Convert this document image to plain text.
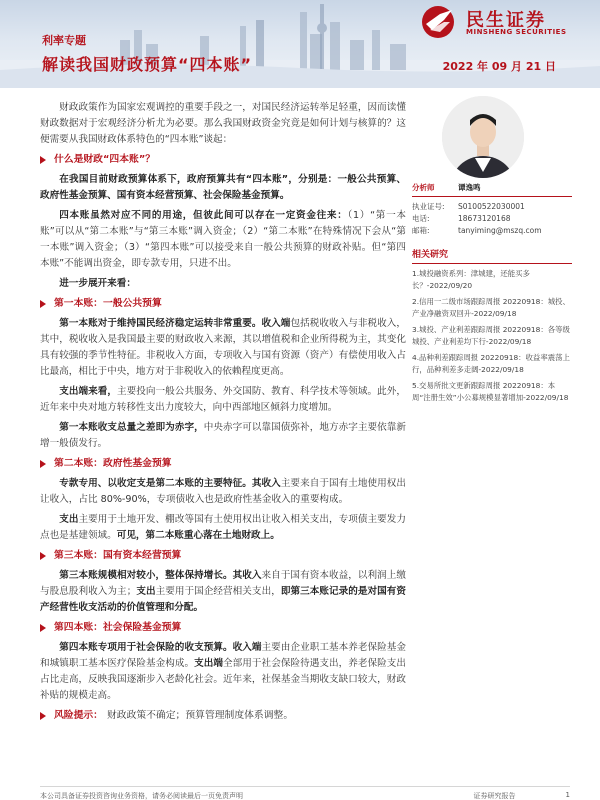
利率专题
解读我国财政预算“四本账”	2022 年 09 月 21 日
民生证券
MINSHENG SECURITIES

财政政策作为国家宏观调控的重要手段之一，对国民经济运转举足轻重，因而读懂财政数据对于宏观经济分析尤为必要。那么我国财政资金究竟是如何计划与核算的？这便需要从我国财政体系特色的“四本账”谈起：

什么是财政“四本账”？

在我国目前财政预算体系下，政府预算共有“四本账”，分别是：一般公共预算、政府性基金预算、国有资本经营预算、社会保险基金预算。

四本账虽然对应不同的用途，但彼此间可以存在一定资金往来：（1）“第一本账”可以从“第二本账”与“第三本账”调入资金；（2）“第二本账”在特殊情况下会从“第一本账”调入资金；（3）“第四本账”可以接受来自一般公共预算的财政补贴。但“第四本账”不能调出资金，即专款专用，只进不出。

进一步展开来看：

第一本账：一般公共预算

第一本账对于维持国民经济稳定运转非常重要。收入端包括税收收入与非税收入，其中，税收收入是我国最主要的财政收入来源，其以增值税和企业所得税为主，其变化具有较强的季节性特征。非税收入方面，专项收入与国有资源（资产）有偿使用收入占比最高，相比于中央，地方对于非税收入的依赖程度更高。

支出端来看，主要投向一般公共服务、外交国防、教育、科学技术等领域。此外，近年来中央对地方转移性支出力度较大，向中西部地区倾斜力度增加。

第一本账收支总量之差即为赤字，中央赤字可以靠国债弥补，地方赤字主要依靠新增一般债发行。

第二本账：政府性基金预算

专款专用、以收定支是第二本账的主要特征。其收入主要来自于国有土地使用权出让收入，占比 80%-90%，专项债收入也是政府性基金收入的重要构成。

支出主要用于土地开发、棚改等国有土使用权出让收入相关支出，专项债主要发力点也是基建领域。可见，第二本账重心落在土地财政上。

第三本账：国有资本经营预算

第三本账规模相对较小，整体保持增长。其收入来自于国有资本收益，以利润上缴与股息股利收入为主；支出主要用于国企经营相关支出，即第三本账记录的是对国有资产经营性收支活动的价值管理和分配。

第四本账：社会保险基金预算

第四本账专项用于社会保险的收支预算。收入端主要由企业职工基本养老保险基金和城镇职工基本医疗保险基金构成。支出端全部用于社会保险待遇支出，养老保险支出占比走高，反映我国逐渐步入老龄化社会。近年来，社保基金当期收支缺口较大，财政补贴的规模走高。

风险提示： 财政政策不确定；预算管理制度体系调整。
分析师	谭逸鸣
执业证号:	S0100522030001
电话:	18673120168
邮箱:	tanyiming@mszq.com
相关研究
1.城投融资系列：津城建，还能买多长？-2022/09/20
2.信用一二级市场跟踪周报 20220918：城投、产业净融资双回升-2022/09/18
3.城投、产业利差跟踪周报 20220918：各等级城投、产业利差均下行-2022/09/18
4.品种利差跟踪周报 20220918：收益率震荡上行，品种利差多走阔-2022/09/18
5.交易所批文更新跟踪周报 20220918：本周“注册生效”小公募规模显著增加-2022/09/18
本公司具备证券投资咨询业务资格，请务必阅读最后一页免责声明	证券研究报告	1
